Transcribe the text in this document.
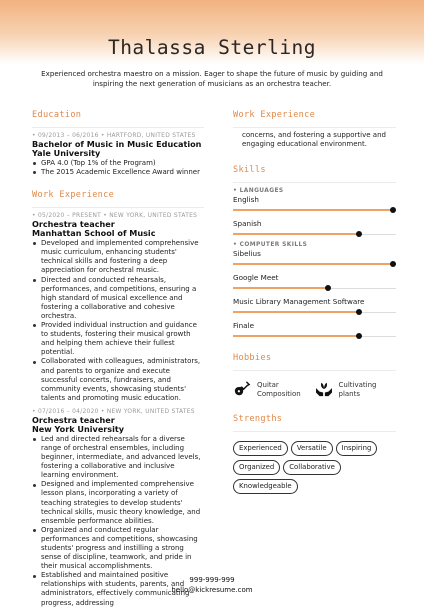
Thalassa Sterling
Experienced orchestra maestro on a mission. Eager to shape the future of music by guiding and inspiring the next generation of musicians as an orchestra teacher.
Education
• 09/2013 – 06/2016 • HARTFORD, UNITED STATES
Bachelor of Music in Music Education
Yale University
GPA 4.0 (Top 1% of the Program)
The 2015 Academic Excellence Award winner
Work Experience
• 05/2020 – PRESENT • NEW YORK, UNITED STATES
Orchestra teacher
Manhattan School of Music
Developed and implemented comprehensive music curriculum, enhancing students' technical skills and fostering a deep appreciation for orchestral music.
Directed and conducted rehearsals, performances, and competitions, ensuring a high standard of musical excellence and fostering a collaborative and cohesive orchestra.
Provided individual instruction and guidance to students, fostering their musical growth and helping them achieve their fullest potential.
Collaborated with colleagues, administrators, and parents to organize and execute successful concerts, fundraisers, and community events, showcasing students' talents and promoting music education.
• 07/2016 – 04/2020 • NEW YORK, UNITED STATES
Orchestra teacher
New York University
Led and directed rehearsals for a diverse range of orchestral ensembles, including beginner, intermediate, and advanced levels, fostering a collaborative and inclusive learning environment.
Designed and implemented comprehensive lesson plans, incorporating a variety of teaching strategies to develop students' technical skills, music theory knowledge, and ensemble performance abilities.
Organized and conducted regular performances and competitions, showcasing students' progress and instilling a strong sense of discipline, teamwork, and pride in their musical accomplishments.
Established and maintained positive relationships with students, parents, and administrators, effectively communicating progress, addressing
Work Experience
concerns, and fostering a supportive and engaging educational environment.
Skills
• LANGUAGES
English
Spanish
• COMPUTER SKILLS
Sibelius
Google Meet
Music Library Management Software
Finale
Hobbies
Quitar Composition
Cultivating plants
Strengths
Experienced	Versatile	Inspiring
Organized	Collaborative
Knowledgeable
999-999-999
hello@kickresume.com
